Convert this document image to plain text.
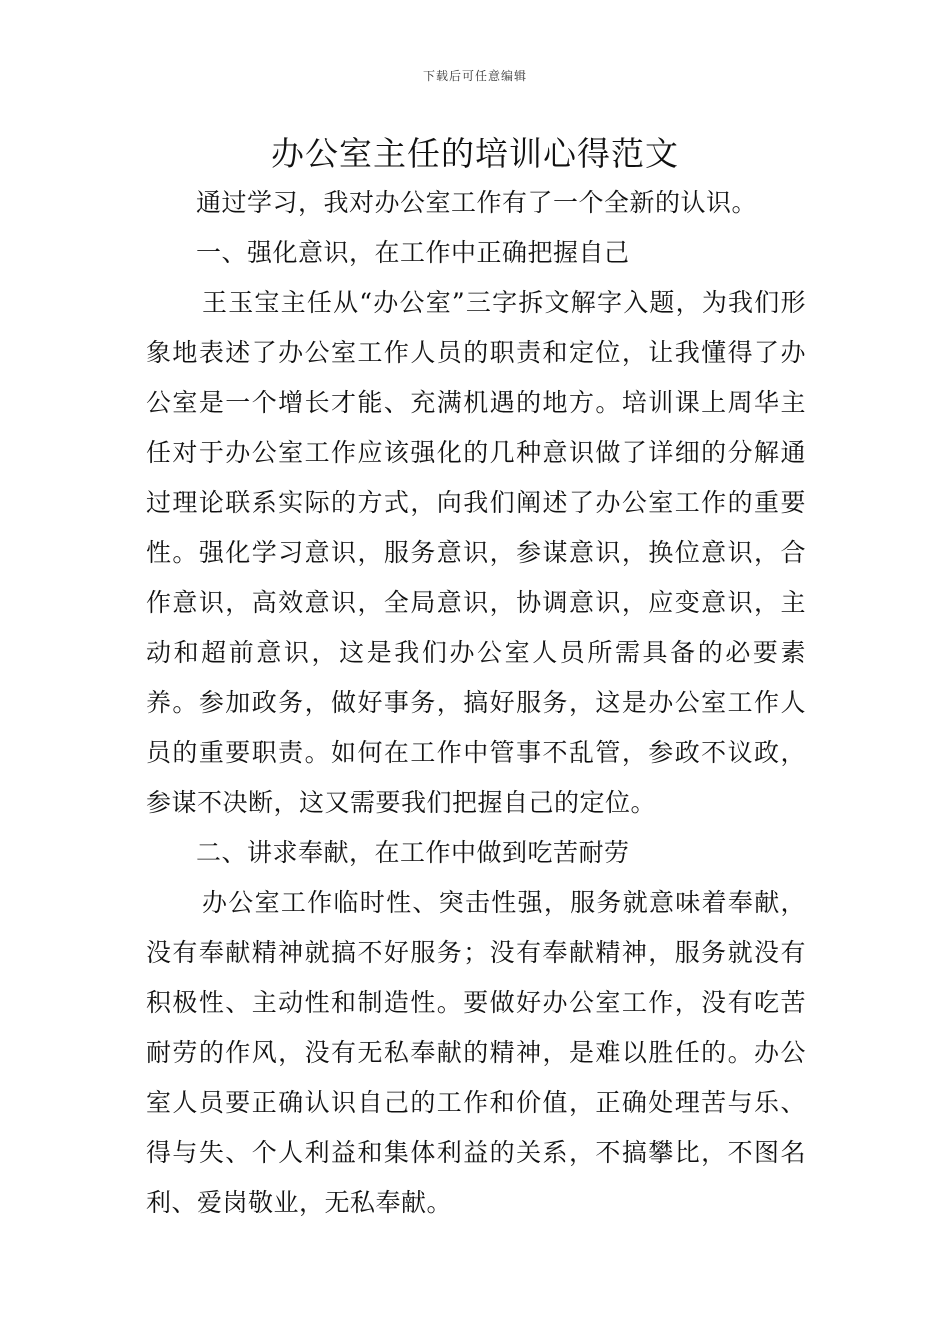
下载后可任意编辑
办公室主任的培训心得范文

通过学习，我对办公室工作有了一个全新的认识。

一、强化意识，在工作中正确把握自己

王玉宝主任从“办公室”三字拆文解字入题，为我们形象地表述了办公室工作人员的职责和定位，让我懂得了办公室是一个增长才能、充满机遇的地方。培训课上周华主任对于办公室工作应该强化的几种意识做了详细的分解通过理论联系实际的方式，向我们阐述了办公室工作的重要性。强化学习意识，服务意识，参谋意识，换位意识，合作意识，高效意识，全局意识，协调意识，应变意识，主动和超前意识，这是我们办公室人员所需具备的必要素养。参加政务，做好事务，搞好服务，这是办公室工作人员的重要职责。如何在工作中管事不乱管，参政不议政，参谋不决断，这又需要我们把握自己的定位。

二、讲求奉献，在工作中做到吃苦耐劳

办公室工作临时性、突击性强，服务就意味着奉献，没有奉献精神就搞不好服务；没有奉献精神，服务就没有积极性、主动性和制造性。要做好办公室工作，没有吃苦耐劳的作风，没有无私奉献的精神，是难以胜任的。办公室人员要正确认识自己的工作和价值，正确处理苦与乐、得与失、个人利益和集体利益的关系，不搞攀比，不图名利、爱岗敬业，无私奉献。
